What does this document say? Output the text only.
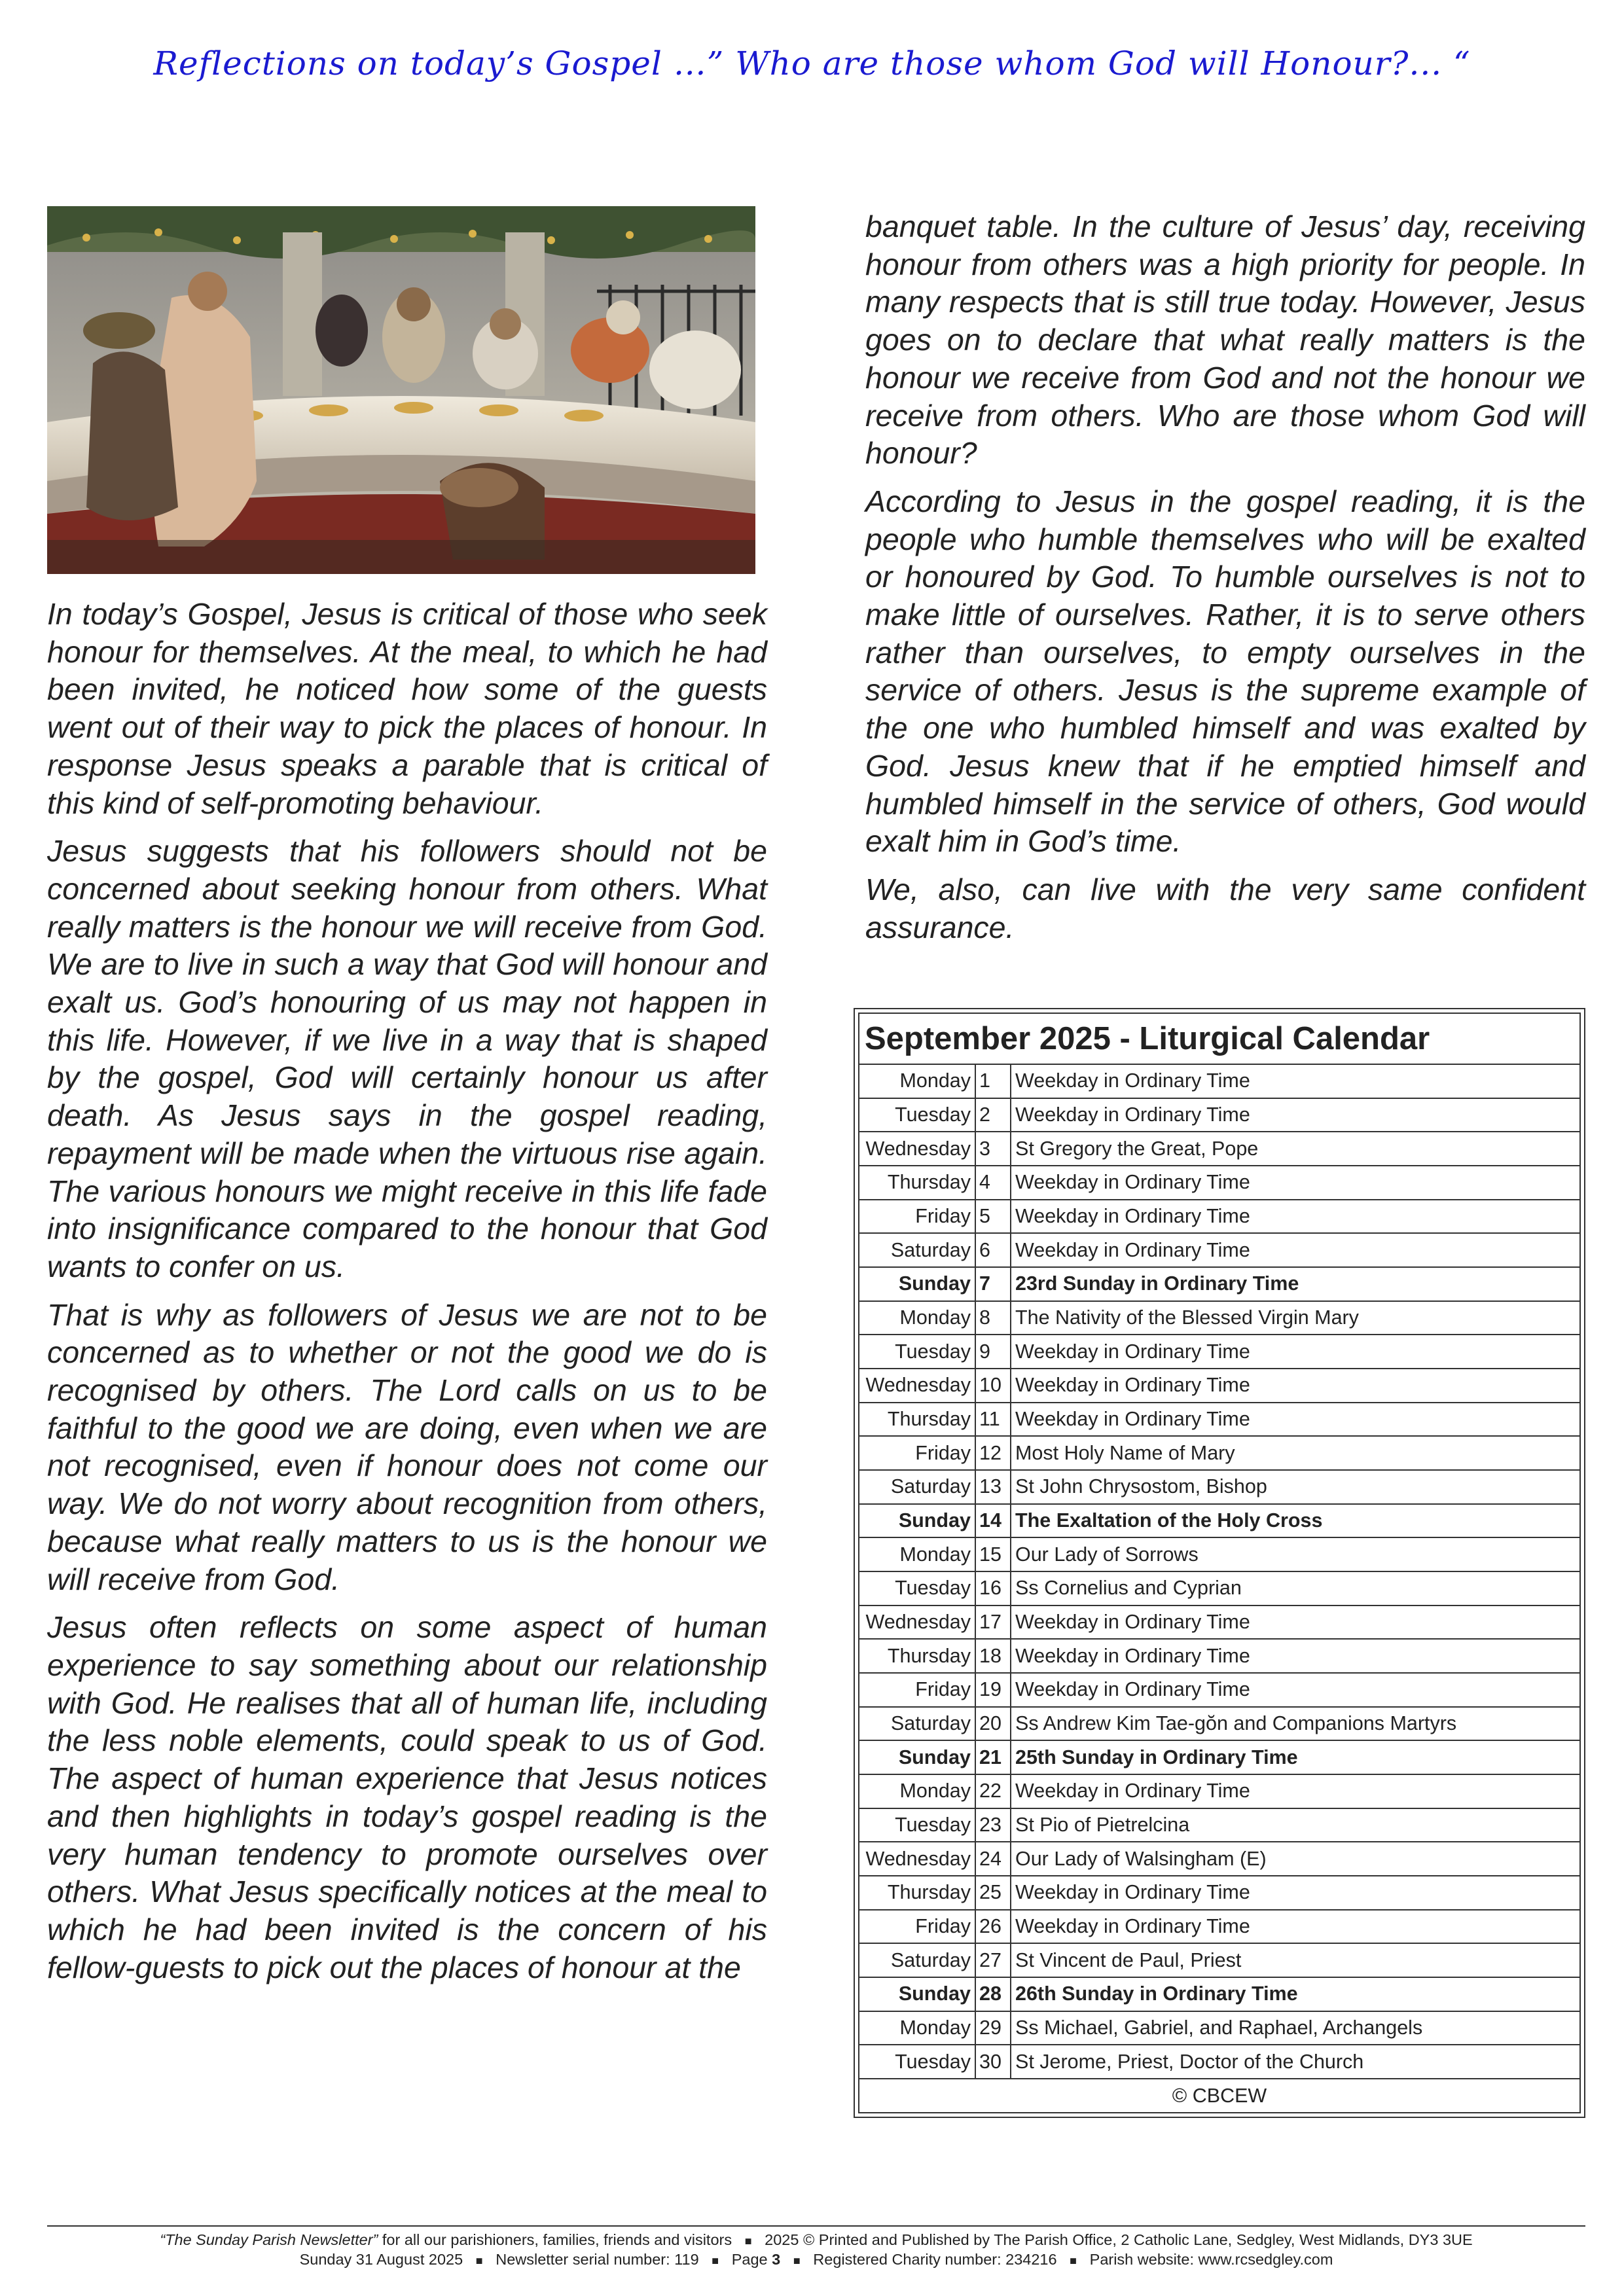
Reflections on today’s Gospel …” Who are those whom God will Honour?... “

In today’s Gospel, Jesus is critical of those who seek honour for themselves. At the meal, to which he had been invited, he noticed how some of the guests went out of their way to pick the places of honour. In response Jesus speaks a parable that is critical of this kind of self-promoting behaviour.

Jesus suggests that his followers should not be concerned about seeking honour from others. What really matters is the honour we will receive from God. We are to live in such a way that God will honour and exalt us. God’s honouring of us may not happen in this life. However, if we live in a way that is shaped by the gospel, God will certainly honour us after death. As Jesus says in the gospel reading, repayment will be made when the virtuous rise again. The various honours we might receive in this life fade into insignificance compared to the honour that God wants to confer on us.

That is why as followers of Jesus we are not to be concerned as to whether or not the good we do is recognised by others. The Lord calls on us to be faithful to the good we are doing, even when we are not recognised, even if honour does not come our way. We do not worry about recognition from others, because what really matters to us is the honour we will receive from God.

Jesus often reflects on some aspect of human experience to say something about our relationship with God. He realises that all of human life, including the less noble elements, could speak to us of God. The aspect of human experience that Jesus notices and then highlights in today’s gospel reading is the very human tendency to promote ourselves over others. What Jesus specifically notices at the meal to which he had been invited is the concern of his fellow-guests to pick out the places of honour at the

banquet table. In the culture of Jesus’ day, receiving honour from others was a high priority for people. In many respects that is still true today. However, Jesus goes on to declare that what really matters is the honour we receive from God and not the honour we receive from others. Who are those whom God will honour?

According to Jesus in the gospel reading, it is the people who humble themselves who will be exalted or honoured by God. To humble ourselves is not to make little of ourselves. Rather, it is to serve others rather than ourselves, to empty ourselves in the service of others. Jesus is the supreme example of the one who humbled himself and was exalted by God. Jesus knew that if he emptied himself and humbled himself in the service of others, God would exalt him in God’s time.

We, also, can live with the very same confident assurance.

September 2025 - Liturgical Calendar		
Monday	1	Weekday in Ordinary Time
Tuesday	2	Weekday in Ordinary Time
Wednesday	3	St Gregory the Great, Pope
Thursday	4	Weekday in Ordinary Time
Friday	5	Weekday in Ordinary Time
Saturday	6	Weekday in Ordinary Time
Sunday	7	23rd Sunday in Ordinary Time
Monday	8	The Nativity of the Blessed Virgin Mary
Tuesday	9	Weekday in Ordinary Time
Wednesday	10	Weekday in Ordinary Time
Thursday	11	Weekday in Ordinary Time
Friday	12	Most Holy Name of Mary
Saturday	13	St John Chrysostom, Bishop
Sunday	14	The Exaltation of the Holy Cross
Monday	15	Our Lady of Sorrows
Tuesday	16	Ss Cornelius and Cyprian
Wednesday	17	Weekday in Ordinary Time
Thursday	18	Weekday in Ordinary Time
Friday	19	Weekday in Ordinary Time
Saturday	20	Ss Andrew Kim Tae-gŏn and Companions Martyrs
Sunday	21	25th Sunday in Ordinary Time
Monday	22	Weekday in Ordinary Time
Tuesday	23	St Pio of Pietrelcina
Wednesday	24	Our Lady of Walsingham (E)
Thursday	25	Weekday in Ordinary Time
Friday	26	Weekday in Ordinary Time
Saturday	27	St Vincent de Paul, Priest
Sunday	28	26th Sunday in Ordinary Time
Monday	29	Ss Michael, Gabriel, and Raphael, Archangels
Tuesday	30	St Jerome, Priest, Doctor of the Church
© CBCEW		
“The Sunday Parish Newsletter” for all our parishioners, families, friends and visitors ■ 2025 © Printed and Published by The Parish Office, 2 Catholic Lane, Sedgley, West Midlands, DY3 3UE
Sunday 31 August 2025 ■ Newsletter serial number: 119 ■ Page 3 ■ Registered Charity number: 234216 ■ Parish website: www.rcsedgley.com
